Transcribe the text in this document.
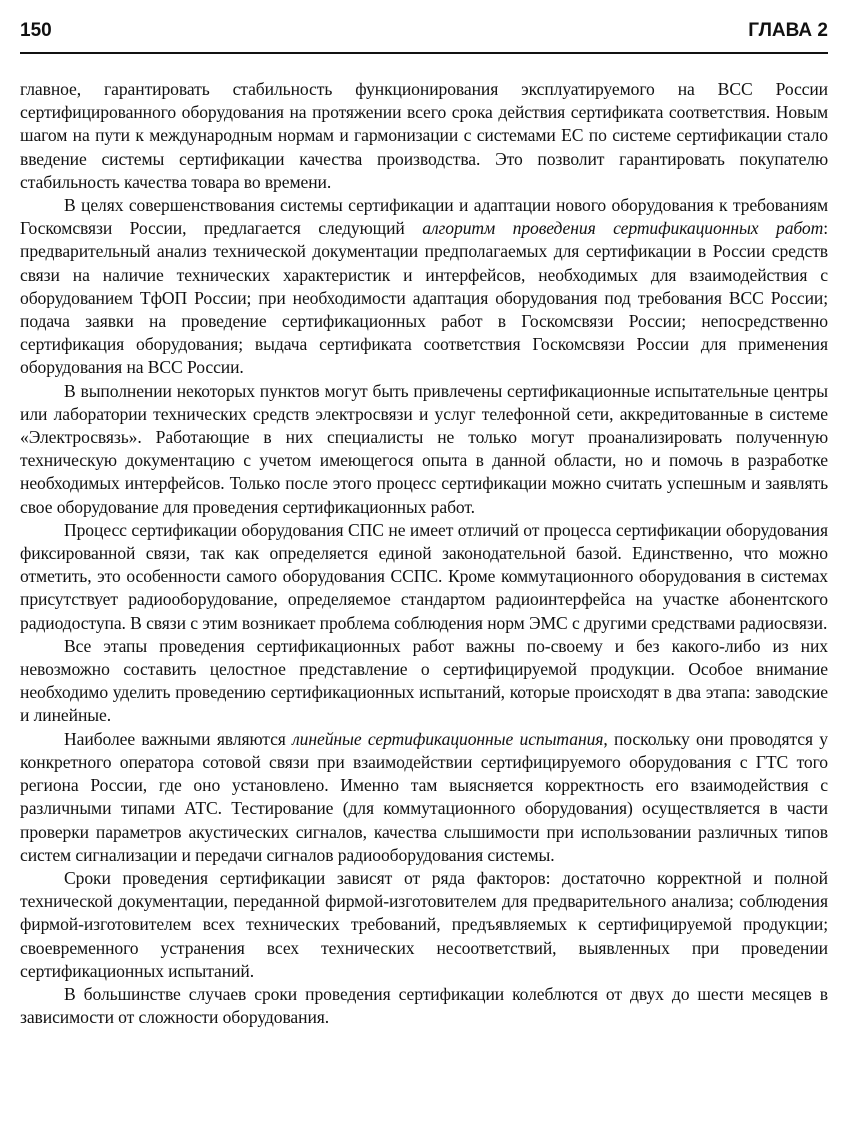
150	ГЛАВА 2

главное, гарантировать стабильность функционирования эксплуатируемого на ВСС России сертифицированного оборудования на протяжении всего срока действия сертификата соответствия. Новым шагом на пути к международным нормам и гармонизации с системами ЕС по системе сертификации стало введение системы сертификации качества производства. Это позволит гарантировать покупателю стабильность качества товара во времени.

В целях совершенствования системы сертификации и адаптации нового оборудования к требованиям Госкомсвязи России, предлагается следующий алгоритм проведения сертификационных работ: предварительный анализ технической документации предполагаемых для сертификации в России средств связи на наличие технических характеристик и интерфейсов, необходимых для взаимодействия с оборудованием ТфОП России; при необходимости адаптация оборудования под требования ВСС России; подача заявки на проведение сертификационных работ в Госкомсвязи России; непосредственно сертификация оборудования; выдача сертификата соответствия Госкомсвязи России для применения оборудования на ВСС России.

В выполнении некоторых пунктов могут быть привлечены сертификационные испытательные центры или лаборатории технических средств электросвязи и услуг телефонной сети, аккредитованные в системе «Электросвязь». Работающие в них специалисты не только могут проанализировать полученную техническую документацию с учетом имеющегося опыта в данной области, но и помочь в разработке необходимых интерфейсов. Только после этого процесс сертификации можно считать успешным и заявлять свое оборудование для проведения сертификационных работ.

Процесс сертификации оборудования СПС не имеет отличий от процесса сертификации оборудования фиксированной связи, так как определяется единой законодательной базой. Единственно, что можно отметить, это особенности самого оборудования ССПС. Кроме коммутационного оборудования в системах присутствует радиооборудование, определяемое стандартом радиоинтерфейса на участке абонентского радиодоступа. В связи с этим возникает проблема соблюдения норм ЭМС с другими средствами радиосвязи.

Все этапы проведения сертификационных работ важны по-своему и без какого-либо из них невозможно составить целостное представление о сертифицируемой продукции. Особое внимание необходимо уделить проведению сертификационных испытаний, которые происходят в два этапа: заводские и линейные.

Наиболее важными являются линейные сертификационные испытания, поскольку они проводятся у конкретного оператора сотовой связи при взаимодействии сертифицируемого оборудования с ГТС того региона России, где оно установлено. Именно там выясняется корректность его взаимодействия с различными типами АТС. Тестирование (для коммутационного оборудования) осуществляется в части проверки параметров акустических сигналов, качества слышимости при использовании различных типов систем сигнализации и передачи сигналов радиооборудования системы.

Сроки проведения сертификации зависят от ряда факторов: достаточно корректной и полной технической документации, переданной фирмой-изготовителем для предварительного анализа; соблюдения фирмой-изготовителем всех технических требований, предъявляемых к сертифицируемой продукции; своевременного устранения всех технических несоответствий, выявленных при проведении сертификационных испытаний.

В большинстве случаев сроки проведения сертификации колеблются от двух до шести месяцев в зависимости от сложности оборудования.
